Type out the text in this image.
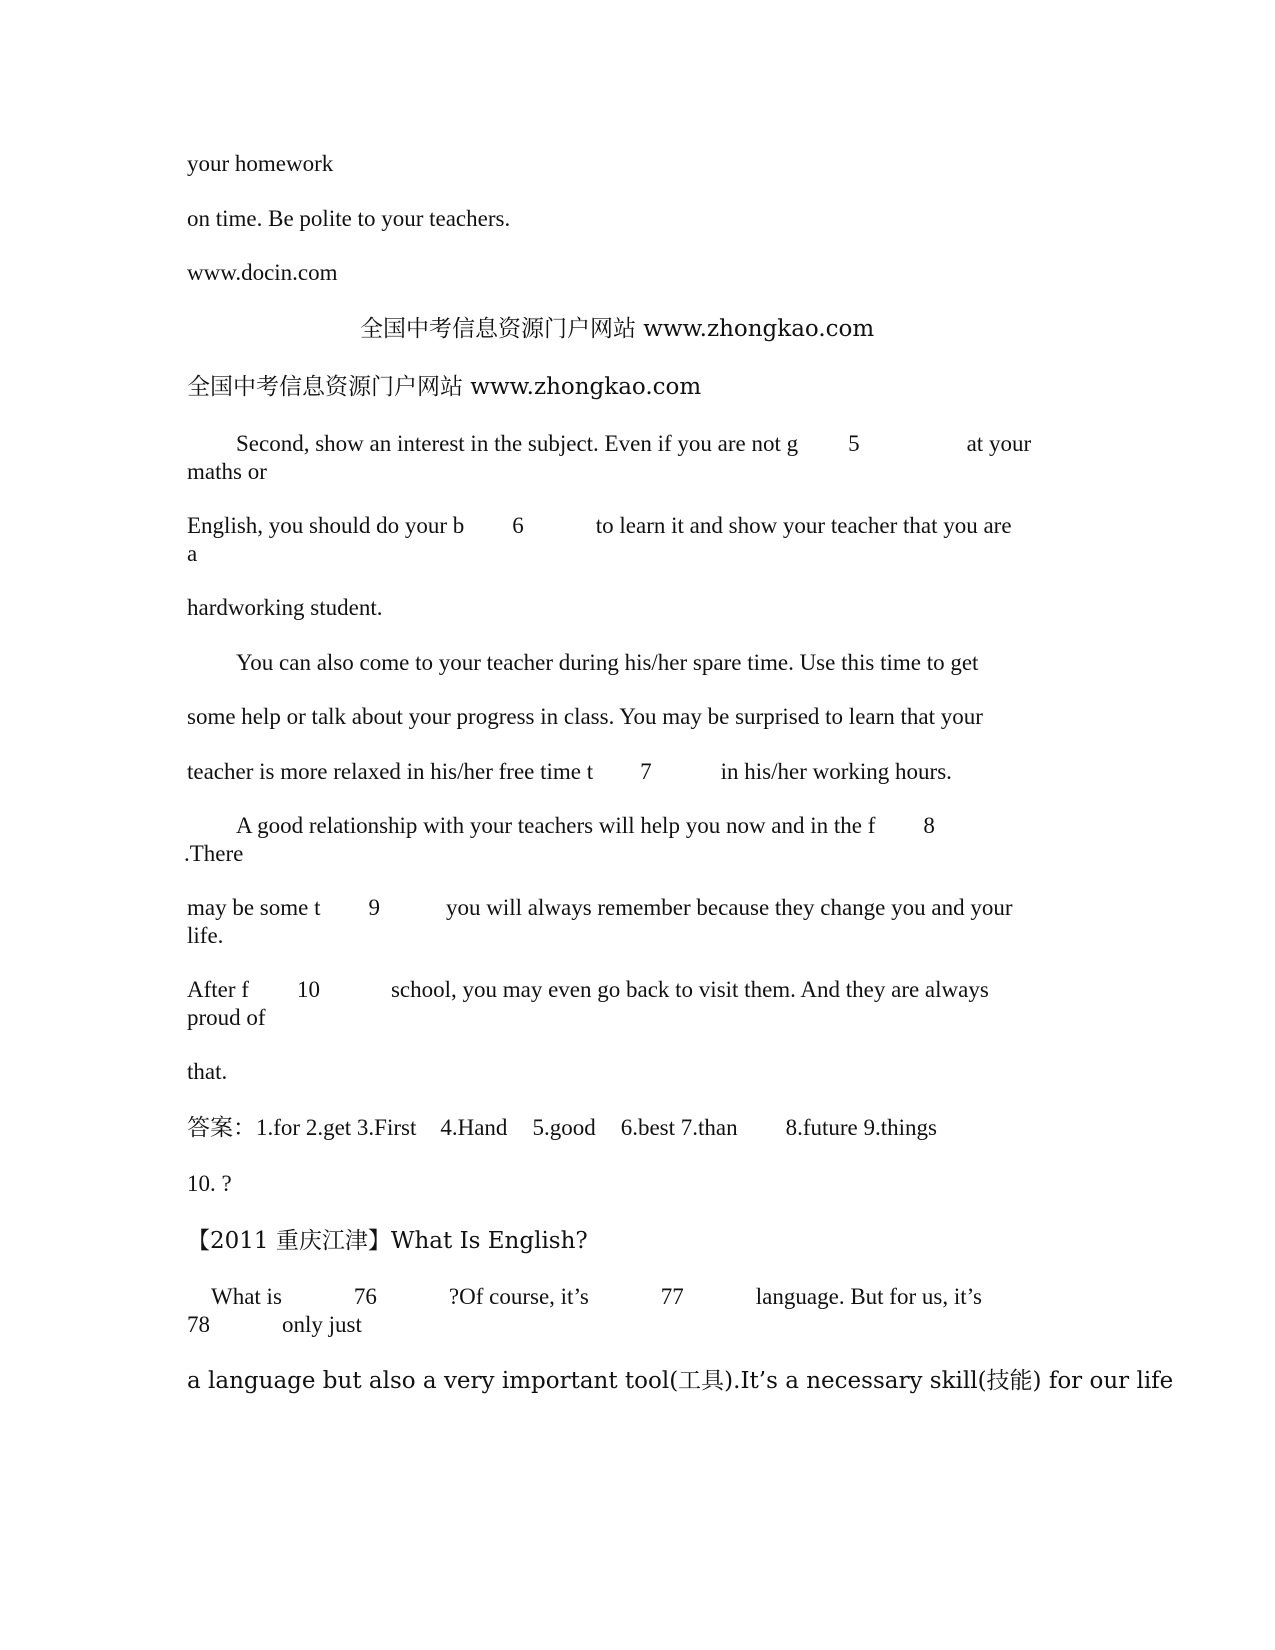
your homework
on time. Be polite to your teachers.
www.docin.com
全国中考信息资源门户网站 www.zhongkao.com
全国中考信息资源门户网站 www.zhongkao.com
Second, show an interest in the subject. Even if you are not g 5	at your
maths or
English, you should do your b 6	to learn it and show your teacher that you are
a
hardworking student.
You can also come to your teacher during his/her spare time. Use this time to get
some help or talk about your progress in class. You may be surprised to learn that your
teacher is more relaxed in his/her free time t 7	in his/her working hours.
A good relationship with your teachers will help you now and in the f 8
.There
may be some t 9	you will always remember because they change you and your
life.
After f 10	school, you may even go back to visit them. And they are always
proud of
that.
答案：1.for 2.get 3.First 4.Hand 5.good 6.best 7.than 8.future 9.things
10. ?
【2011 重庆江津】What Is English?
What is	76	?Of course, it’s	77	language. But for us, it’s
78	only just
a language but also a very important tool(工具).It’s a necessary skill(技能) for our life
